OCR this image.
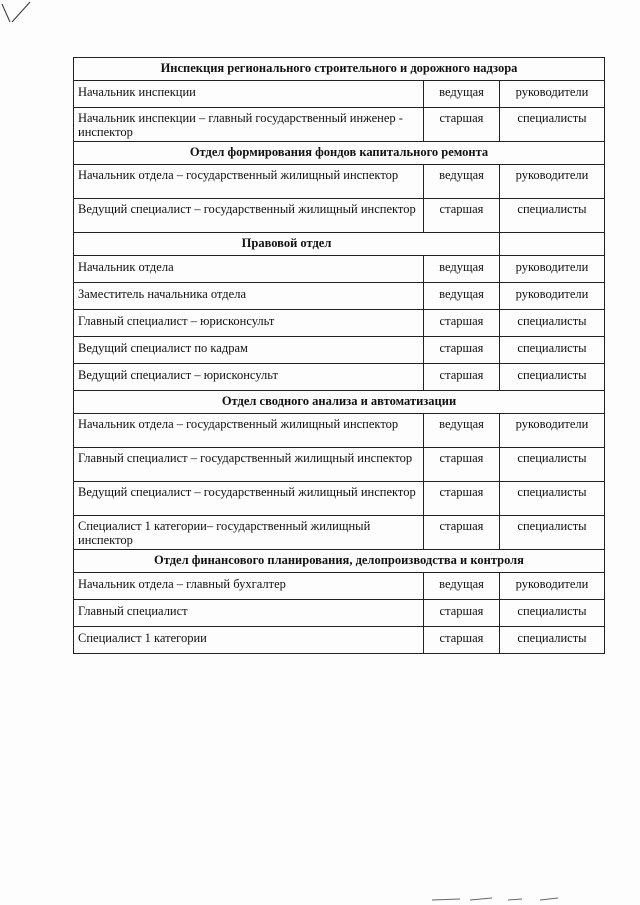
Инспекция регионального строительного и дорожного надзора		
Начальник инспекции	ведущая	руководители
Начальник инспекции – главный государственный инженер - инспектор	старшая	специалисты
Отдел формирования фондов капитального ремонта		
Начальник отдела – государственный жилищный инспектор	ведущая	руководители
Ведущий специалист – государственный жилищный инспектор	старшая	специалисты
Правовой отдел		
Начальник отдела	ведущая	руководители
Заместитель начальника отдела	ведущая	руководители
Главный специалист – юрисконсульт	старшая	специалисты
Ведущий специалист по кадрам	старшая	специалисты
Ведущий специалист – юрисконсульт	старшая	специалисты
Отдел сводного анализа и автоматизации		
Начальник отдела – государственный жилищный инспектор	ведущая	руководители
Главный специалист – государственный жилищный инспектор	старшая	специалисты
Ведущий специалист – государственный жилищный инспектор	старшая	специалисты
Специалист 1 категории– государственный жилищный инспектор	старшая	специалисты
Отдел финансового планирования, делопроизводства и контроля		
Начальник отдела – главный бухгалтер	ведущая	руководители
Главный специалист	старшая	специалисты
Специалист 1 категории	старшая	специалисты
